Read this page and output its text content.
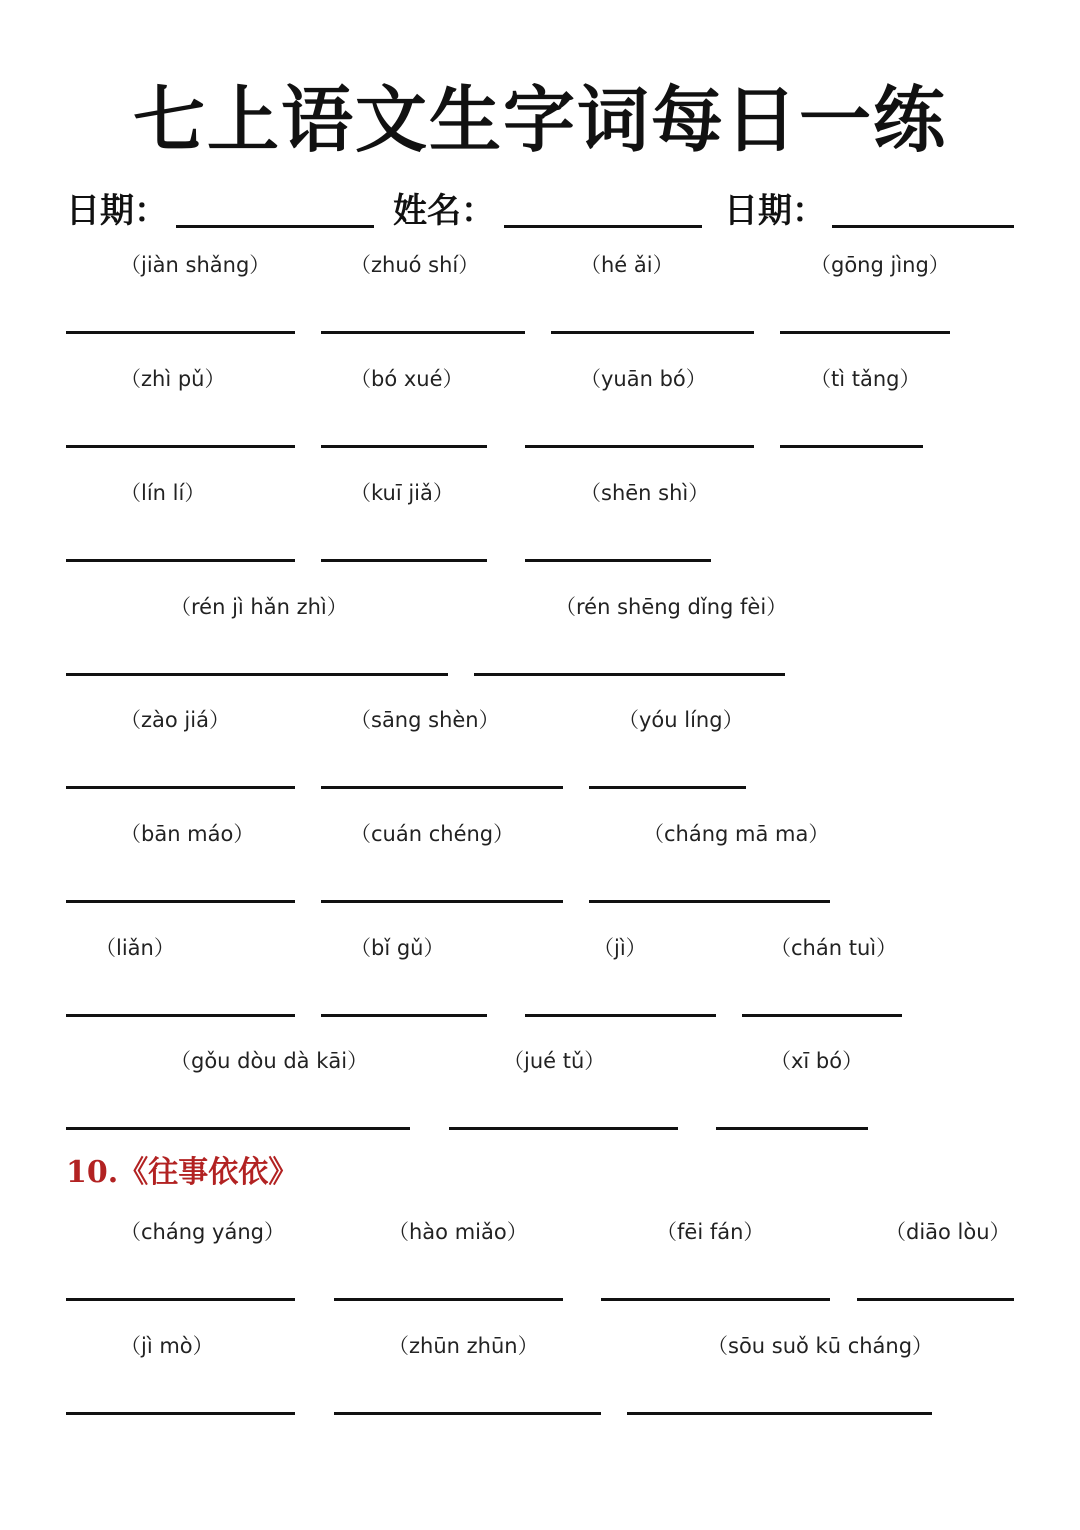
七上语文生字词每日一练
日期：	姓名：	日期：
（jiàn shǎng）	（zhuó shí）	（hé ǎi）	（gōng jìng）
（zhì pǔ）	（bó xué）	（yuān bó）	（tì tǎng）
（lín lí）	（kuī jiǎ）	（shēn shì）
（rén jì hǎn zhì）	（rén shēng dǐng fèi）
（zào jiá）	（sāng shèn）	（yóu líng）
（bān máo）	（cuán chéng）	（cháng mā ma）
（liǎn）	（bǐ gǔ）	（jì）	（chán tuì）
（gǒu dòu dà kāi）	（jué tǔ）	（xī bó）
10.《往事依依》
（cháng yáng）	（hào miǎo）	（fēi fán）	（diāo lòu）
（jì mò）	（zhūn zhūn）	（sōu suǒ kū cháng）
